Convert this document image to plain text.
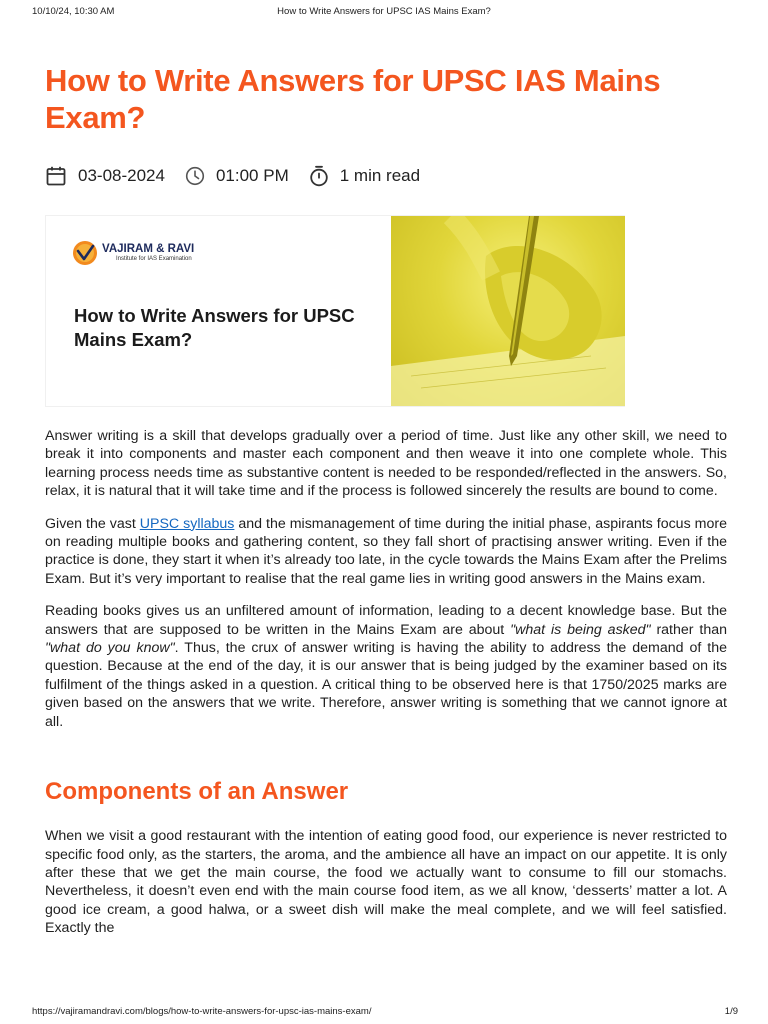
10/10/24, 10:30 AM	How to Write Answers for UPSC IAS Mains Exam?
How to Write Answers for UPSC IAS Mains Exam?
03-08-2024	01:00 PM	1 min read
VAJIRAM & RAVI
Institute for IAS Examination
How to Write Answers for UPSC Mains Exam?

Answer writing is a skill that develops gradually over a period of time. Just like any other skill, we need to break it into components and master each component and then weave it into one complete whole. This learning process needs time as substantive content is needed to be responded/reflected in the answers. So, relax, it is natural that it will take time and if the process is followed sincerely the results are bound to come.

Given the vast UPSC syllabus and the mismanagement of time during the initial phase, aspirants focus more on reading multiple books and gathering content, so they fall short of practising answer writing. Even if the practice is done, they start it when it’s already too late, in the cycle towards the Mains Exam after the Prelims Exam. But it’s very important to realise that the real game lies in writing good answers in the Mains exam.

Reading books gives us an unfiltered amount of information, leading to a decent knowledge base. But the answers that are supposed to be written in the Mains Exam are about "what is being asked" rather than "what do you know". Thus, the crux of answer writing is having the ability to address the demand of the question. Because at the end of the day, it is our answer that is being judged by the examiner based on its fulfilment of the things asked in a question. A critical thing to be observed here is that 1750/2025 marks are given based on the answers that we write. Therefore, answer writing is something that we cannot ignore at all.

Components of an Answer

When we visit a good restaurant with the intention of eating good food, our experience is never restricted to specific food only, as the starters, the aroma, and the ambience all have an impact on our appetite. It is only after these that we get the main course, the food we actually want to consume to fill our stomachs. Nevertheless, it doesn’t even end with the main course food item, as we all know, ‘desserts’ matter a lot. A good ice cream, a good halwa, or a sweet dish will make the meal complete, and we will feel satisfied. Exactly the

https://vajiramandravi.com/blogs/how-to-write-answers-for-upsc-ias-mains-exam/	1/9
